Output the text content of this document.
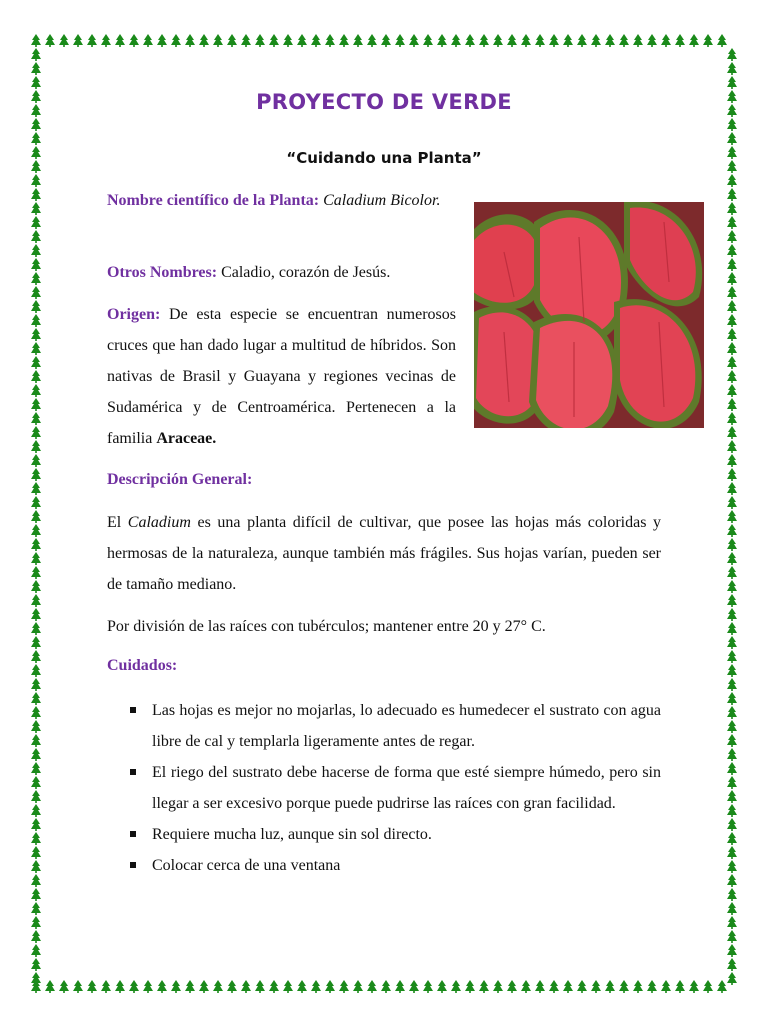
PROYECTO DE VERDE

“Cuidando una Planta”

Nombre científico de la Planta: Caladium Bicolor.

Otros Nombres: Caladio, corazón de Jesús.

Origen: De esta especie se encuentran numerosos cruces que han dado lugar a multitud de híbridos. Son nativas de Brasil y Guayana y regiones vecinas de Sudamérica y de Centroamérica. Pertenecen a la familia Araceae.

Descripción General:

El Caladium es una planta difícil de cultivar, que posee las hojas más coloridas y hermosas de la naturaleza, aunque también más frágiles. Sus hojas varían, pueden ser de tamaño mediano.

Por división de las raíces con tubérculos; mantener entre 20 y 27° C.

Cuidados:

Las hojas es mejor no mojarlas, lo adecuado es humedecer el sustrato con agua libre de cal y templarla ligeramente antes de regar.
El riego del sustrato debe hacerse de forma que esté siempre húmedo, pero sin llegar a ser excesivo porque puede pudrirse las raíces con gran facilidad.
Requiere mucha luz, aunque sin sol directo.
Colocar cerca de una ventana
